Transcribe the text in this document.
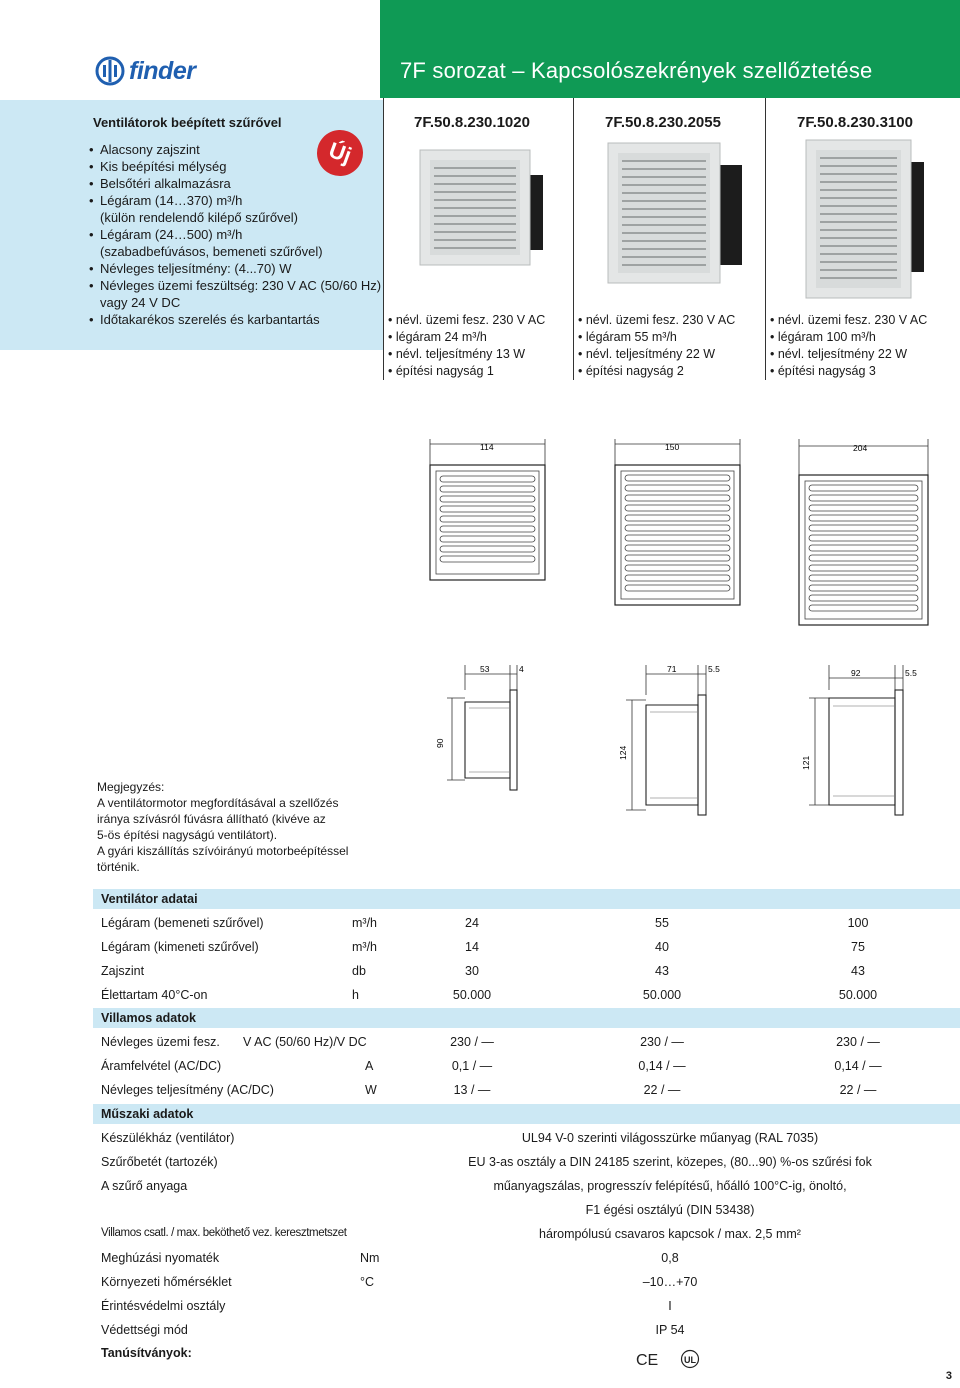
finder	7F sorozat – Kapcsolószekrények szellőztetése
Ventilátorok beépített szűrővel
Új
• Alacsony zajszint
• Kis beépítési mélység
• Belsőtéri alkalmazásra
• Légáram (14…370) m³/h
(külön rendelendő kilépő szűrővel)
• Légáram (24…500) m³/h
(szabadbefúvásos, bemeneti szűrővel)
• Névleges teljesítmény: (4...70) W
• Névleges üzemi feszültség: 230 V AC (50/60 Hz)
vagy 24 V DC
• Időtakarékos szerelés és karbantartás
7F.50.8.230.1020	7F.50.8.230.2055	7F.50.8.230.3100
• névl. üzemi fesz. 230 V AC
• légáram 24 m³/h
• névl. teljesítmény 13 W
• építési nagyság 1
• névl. üzemi fesz. 230 V AC
• légáram 55 m³/h
• névl. teljesítmény 22 W
• építési nagyság 2
• névl. üzemi fesz. 230 V AC
• légáram 100 m³/h
• névl. teljesítmény 22 W
• építési nagyság 3
114	150	204
53	4
90
71	5.5
124
92	5.5
121
Megjegyzés:
A ventilátormotor megfordításával a szellőzés
iránya szívásról fúvásra állítható (kivéve az
5-ös építési nagyságú ventilátort).
A gyári kiszállítás szívóirányú motorbeépítéssel
történik.
Ventilátor adatai
Légáram (bemeneti szűrővel)	m³/h	24	55	100
Légáram (kimeneti szűrővel)	m³/h	14	40	75
Zajszint	db	30	43	43
Élettartam 40°C-on	h	50.000	50.000	50.000
Villamos adatok
Névleges üzemi fesz. V AC (50/60 Hz)/V DC	230 / —	230 / —	230 / —
Áramfelvétel (AC/DC)	A	0,1 / —	0,14 / —	0,14 / —
Névleges teljesítmény (AC/DC)	W	13 / —	22 / —	22 / —
Műszaki adatok
Készülékház (ventilátor)	UL94 V-0 szerinti világosszürke műanyag (RAL 7035)
Szűrőbetét (tartozék)	EU 3-as osztály a DIN 24185 szerint, közepes, (80...90) %-os szűrési fok
A szűrő anyaga	műanyagszálas, progresszív felépítésű, hőálló 100°C-ig, önoltó,
F1 égési osztályú (DIN 53438)
Villamos csatl. / max. beköthető vez. keresztmetszet	hárompólusú csavaros kapcsok / max. 2,5 mm²
Meghúzási nyomaték	Nm	0,8
Környezeti hőmérséklet	°C	–10…+70
Érintésvédelmi osztály	I
Védettségi mód	IP 54
Tanúsítványok:	CE	UL
3
